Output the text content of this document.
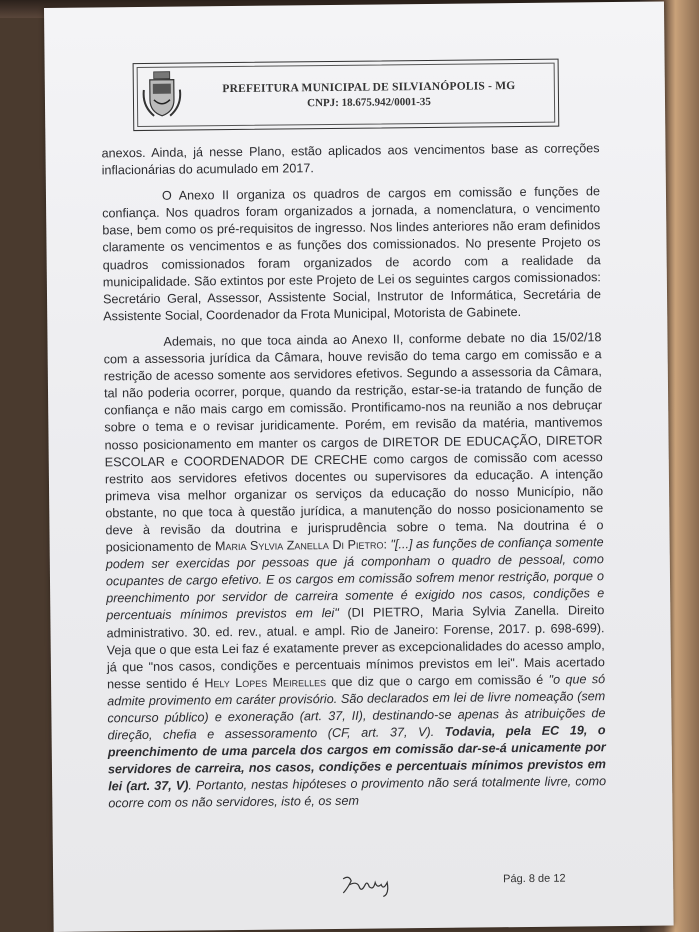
PREFEITURA MUNICIPAL DE SILVIANÓPOLIS - MG
CNPJ: 18.675.942/0001-35

anexos. Ainda, já nesse Plano, estão aplicados aos vencimentos base as correções inflacionárias do acumulado em 2017.

O Anexo II organiza os quadros de cargos em comissão e funções de confiança. Nos quadros foram organizados a jornada, a nomenclatura, o vencimento base, bem como os pré-requisitos de ingresso. Nos lindes anteriores não eram definidos claramente os vencimentos e as funções dos comissionados. No presente Projeto os quadros comissionados foram organizados de acordo com a realidade da municipalidade. São extintos por este Projeto de Lei os seguintes cargos comissionados: Secretário Geral, Assessor, Assistente Social, Instrutor de Informática, Secretária de Assistente Social, Coordenador da Frota Municipal, Motorista de Gabinete.

Ademais, no que toca ainda ao Anexo II, conforme debate no dia 15/02/18 com a assessoria jurídica da Câmara, houve revisão do tema cargo em comissão e a restrição de acesso somente aos servidores efetivos. Segundo a assessoria da Câmara, tal não poderia ocorrer, porque, quando da restrição, estar-se-ia tratando de função de confiança e não mais cargo em comissão. Prontificamo-nos na reunião a nos debruçar sobre o tema e o revisar juridicamente. Porém, em revisão da matéria, mantivemos nosso posicionamento em manter os cargos de DIRETOR DE EDUCAÇÃO, DIRETOR ESCOLAR e COORDENADOR DE CRECHE como cargos de comissão com acesso restrito aos servidores efetivos docentes ou supervisores da educação. A intenção primeva visa melhor organizar os serviços da educação do nosso Município, não obstante, no que toca à questão jurídica, a manutenção do nosso posicionamento se deve à revisão da doutrina e jurisprudência sobre o tema. Na doutrina é o posicionamento de Maria Sylvia Zanella Di Pietro: "[...] as funções de confiança somente podem ser exercidas por pessoas que já componham o quadro de pessoal, como ocupantes de cargo efetivo. E os cargos em comissão sofrem menor restrição, porque o preenchimento por servidor de carreira somente é exigido nos casos, condições e percentuais mínimos previstos em lei" (DI PIETRO, Maria Sylvia Zanella. Direito administrativo. 30. ed. rev., atual. e ampl. Rio de Janeiro: Forense, 2017. p. 698-699). Veja que o que esta Lei faz é exatamente prever as excepcionalidades do acesso amplo, já que "nos casos, condições e percentuais mínimos previstos em lei". Mais acertado nesse sentido é Hely Lopes Meirelles que diz que o cargo em comissão é "o que só admite provimento em caráter provisório. São declarados em lei de livre nomeação (sem concurso público) e exoneração (art. 37, II), destinando-se apenas às atribuições de direção, chefia e assessoramento (CF, art. 37, V). Todavia, pela EC 19, o preenchimento de uma parcela dos cargos em comissão dar-se-á unicamente por servidores de carreira, nos casos, condições e percentuais mínimos previstos em lei (art. 37, V). Portanto, nestas hipóteses o provimento não será totalmente livre, como ocorre com os não servidores, isto é, os sem

Pág. 8 de 12
